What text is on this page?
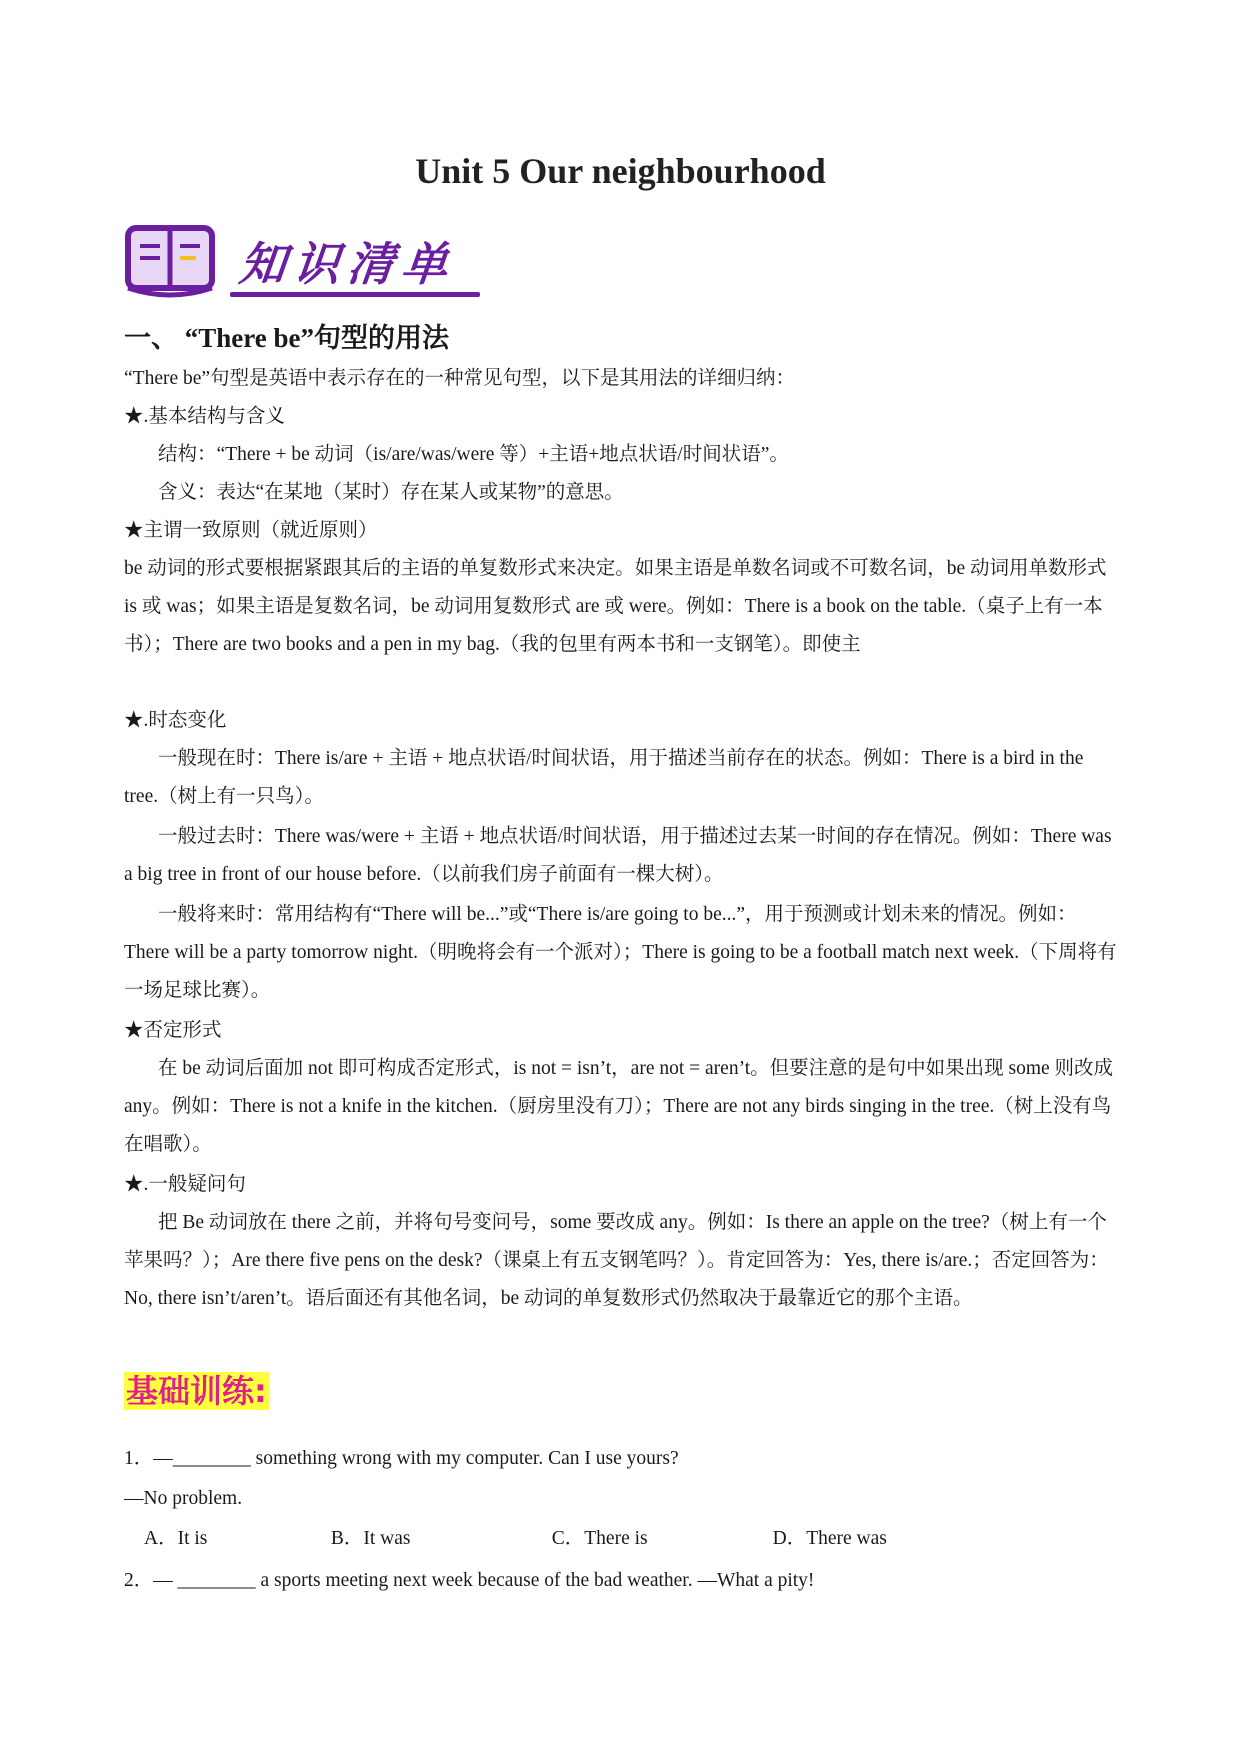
Unit 5 Our neighbourhood
知识清单
一、 “There be”句型的用法
“There be”句型是英语中表示存在的一种常见句型，以下是其用法的详细归纳：
★.基本结构与含义
结构：“There + be 动词（is/are/was/were 等）+主语+地点状语/时间状语”。
含义：表达“在某地（某时）存在某人或某物”的意思。
★主谓一致原则（就近原则）
be 动词的形式要根据紧跟其后的主语的单复数形式来决定。如果主语是单数名词或不可数名词，be 动词用单数形式 is 或 was；如果主语是复数名词，be 动词用复数形式 are 或 were。例如：There is a book on the table.（桌子上有一本书）；There are two books and a pen in my bag.（我的包里有两本书和一支钢笔）。即使主
★.时态变化
一般现在时：There is/are + 主语 + 地点状语/时间状语，用于描述当前存在的状态。例如：There is a bird in the tree.（树上有一只鸟）。
一般过去时：There was/were + 主语 + 地点状语/时间状语，用于描述过去某一时间的存在情况。例如：There was a big tree in front of our house before.（以前我们房子前面有一棵大树）。
一般将来时：常用结构有“There will be...”或“There is/are going to be...”，用于预测或计划未来的情况。例如：There will be a party tomorrow night.（明晚将会有一个派对）；There is going to be a football match next week.（下周将有一场足球比赛）。
★否定形式
在 be 动词后面加 not 即可构成否定形式，is not = isn’t，are not = aren’t。但要注意的是句中如果出现 some 则改成 any。例如：There is not a knife in the kitchen.（厨房里没有刀）；There are not any birds singing in the tree.（树上没有鸟在唱歌）。
★.一般疑问句
把 Be 动词放在 there 之前，并将句号变问号，some 要改成 any。例如：Is there an apple on the tree?（树上有一个苹果吗？）；Are there five pens on the desk?（课桌上有五支钢笔吗？）。肯定回答为：Yes, there is/are.；否定回答为：No, there isn’t/aren’t。语后面还有其他名词，be 动词的单复数形式仍然取决于最靠近它的那个主语。
基础训练:
1．—________ something wrong with my computer. Can I use yours?
—No problem.
A．It is	B．It was	C．There is	D．There was
2．— ________ a sports meeting next week because of the bad weather. —What a pity!
